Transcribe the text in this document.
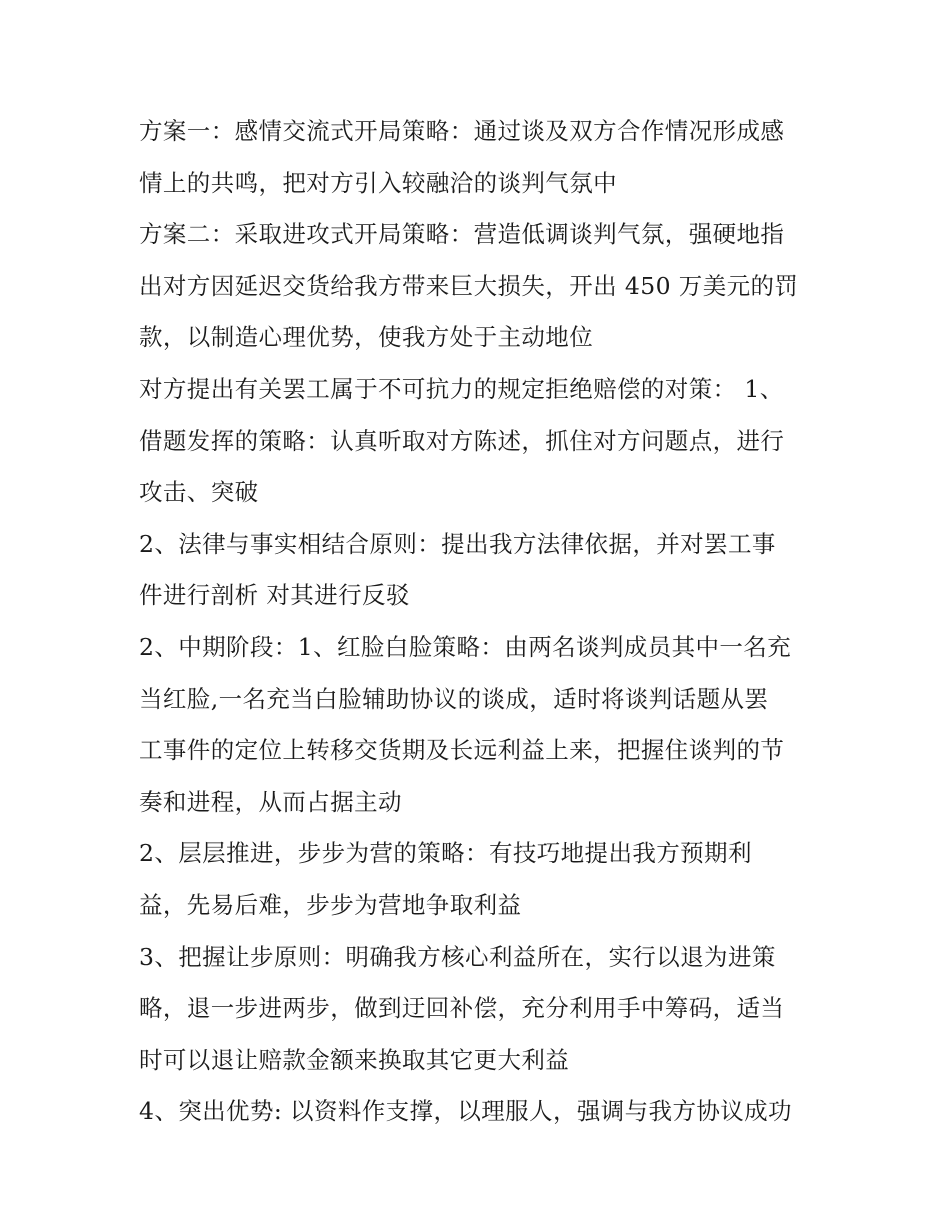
方案一：感情交流式开局策略：通过谈及双方合作情况形成感
情上的共鸣，把对方引入较融洽的谈判气氛中
方案二：采取进攻式开局策略：营造低调谈判气氛，强硬地指
出对方因延迟交货给我方带来巨大损失，开出 450 万美元的罚
款，以制造心理优势，使我方处于主动地位
对方提出有关罢工属于不可抗力的规定拒绝赔偿的对策： 1、
借题发挥的策略：认真听取对方陈述，抓住对方问题点，进行
攻击、突破
2、法律与事实相结合原则：提出我方法律依据，并对罢工事
件进行剖析 对其进行反驳
2、中期阶段：1、红脸白脸策略：由两名谈判成员其中一名充
当红脸,一名充当白脸辅助协议的谈成，适时将谈判话题从罢
工事件的定位上转移交货期及长远利益上来，把握住谈判的节
奏和进程，从而占据主动
2、层层推进，步步为营的策略：有技巧地提出我方预期利
益，先易后难，步步为营地争取利益
3、把握让步原则：明确我方核心利益所在，实行以退为进策
略，退一步进两步，做到迂回补偿，充分利用手中筹码，适当
时可以退让赔款金额来换取其它更大利益
4、突出优势: 以资料作支撑，以理服人，强调与我方协议成功
